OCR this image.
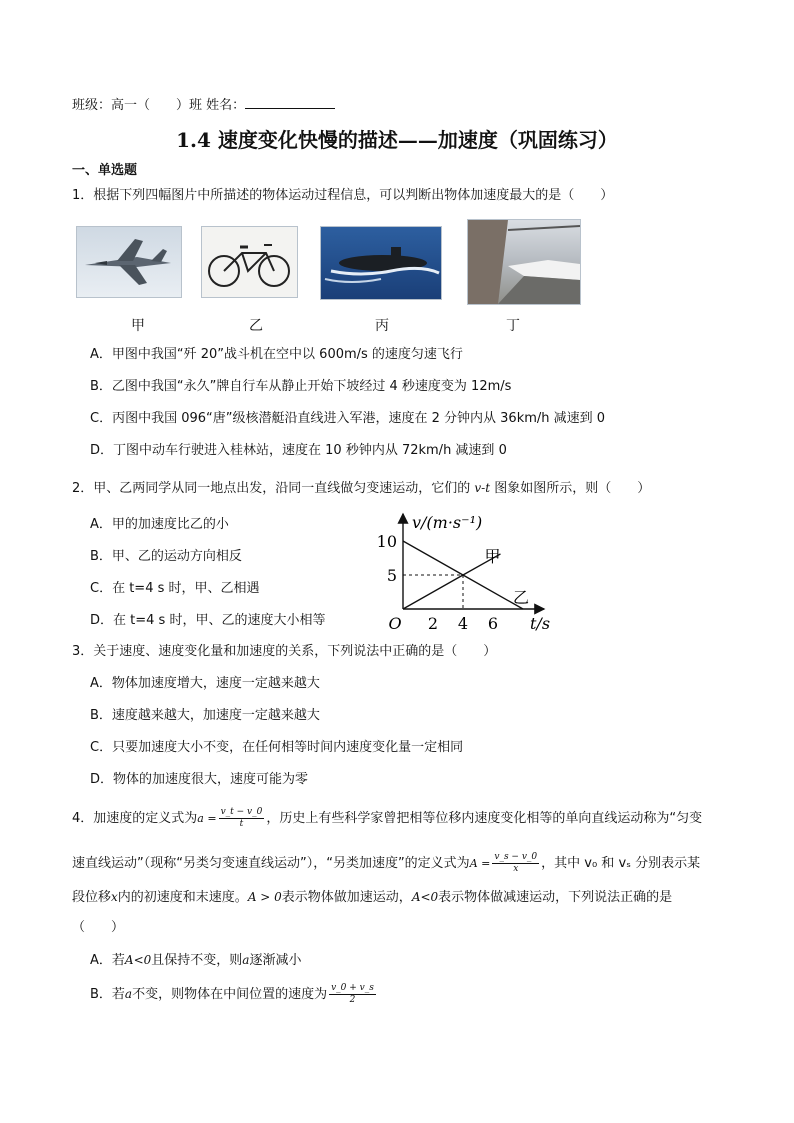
班级：高一（　　）班 姓名：
1.4 速度变化快慢的描述——加速度（巩固练习）
一、单选题
1．根据下列四幅图片中所描述的物体运动过程信息，可以判断出物体加速度最大的是（　　）
甲	乙	丙	丁
A．甲图中我国“歼 20”战斗机在空中以 600m/s 的速度匀速飞行
B．乙图中我国“永久”牌自行车从静止开始下坡经过 4 秒速度变为 12m/s
C．丙图中我国 096“唐”级核潜艇沿直线进入军港，速度在 2 分钟内从 36km/h 减速到 0
D．丁图中动车行驶进入桂林站，速度在 10 秒钟内从 72km/h 减速到 0
2．甲、乙两同学从同一地点出发，沿同一直线做匀变速运动，它们的 v-t 图象如图所示，则（　　）
A．甲的加速度比乙的小
B．甲、乙的运动方向相反
C．在 t=4 s 时，甲、乙相遇
D．在 t=4 s 时，甲、乙的速度大小相等
甲
乙
2 4 6
5
10
O	t/s
v/(m·s⁻¹)
3．关于速度、速度变化量和加速度的关系，下列说法中正确的是（　　）
A．物体加速度增大，速度一定越来越大
B．速度越来越大，加速度一定越来越大
C．只要加速度大小不变，在任何相等时间内速度变化量一定相同
D．物体的加速度很大，速度可能为零
4．加速度的定义式为$a = \frac{v\_t - v\_0}{t}$ ，历史上有些科学家曾把相等位移内速度变化相等的单向直线运动称为“匀变
速直线运动”（现称“另类匀变速直线运动”），“另类加速度”的定义式为$A = \frac{v\_s - v\_0}{x}$ ，其中 v₀ 和 vₛ 分别表示某
段位移x内的初速度和末速度。A > 0表示物体做加速运动，A<0表示物体做减速运动，下列说法正确的是
（　　）
A．若A<0且保持不变，则a逐渐减小
B．若a不变，则物体在中间位置的速度为 $\frac{v\_0 + v\_s}{2}$
